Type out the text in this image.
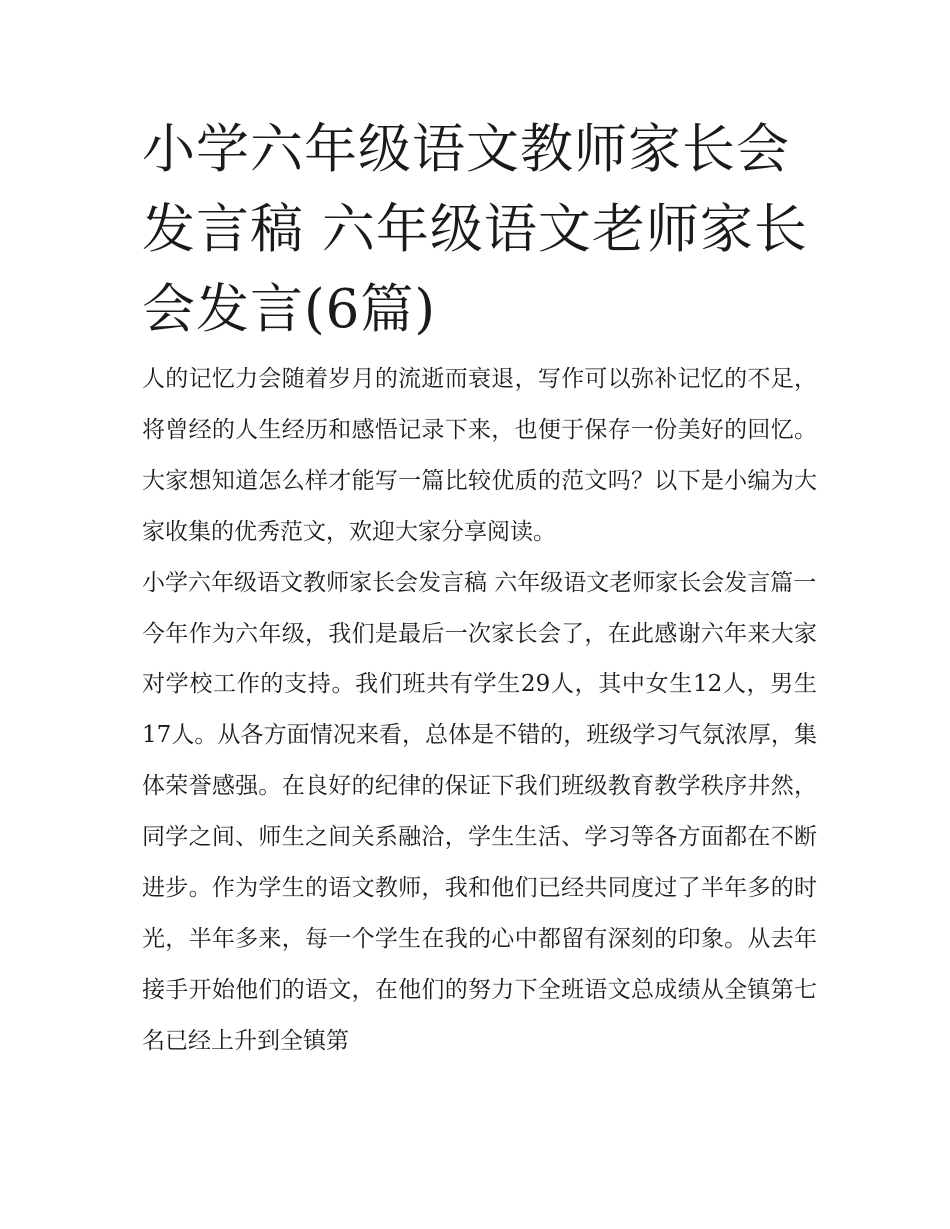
小学六年级语文教师家长会发言稿 六年级语文老师家长会发言(6篇)

人的记忆力会随着岁月的流逝而衰退，写作可以弥补记忆的不足，将曾经的人生经历和感悟记录下来，也便于保存一份美好的回忆。大家想知道怎么样才能写一篇比较优质的范文吗？以下是小编为大家收集的优秀范文，欢迎大家分享阅读。

小学六年级语文教师家长会发言稿 六年级语文老师家长会发言篇一

今年作为六年级，我们是最后一次家长会了，在此感谢六年来大家对学校工作的支持。我们班共有学生29人，其中女生12人，男生17人。从各方面情况来看，总体是不错的，班级学习气氛浓厚，集体荣誉感强。在良好的纪律的保证下我们班级教育教学秩序井然，同学之间、师生之间关系融洽，学生生活、学习等各方面都在不断进步。作为学生的语文教师，我和他们已经共同度过了半年多的时光，半年多来，每一个学生在我的心中都留有深刻的印象。从去年接手开始他们的语文，在他们的努力下全班语文总成绩从全镇第七名已经上升到全镇第
